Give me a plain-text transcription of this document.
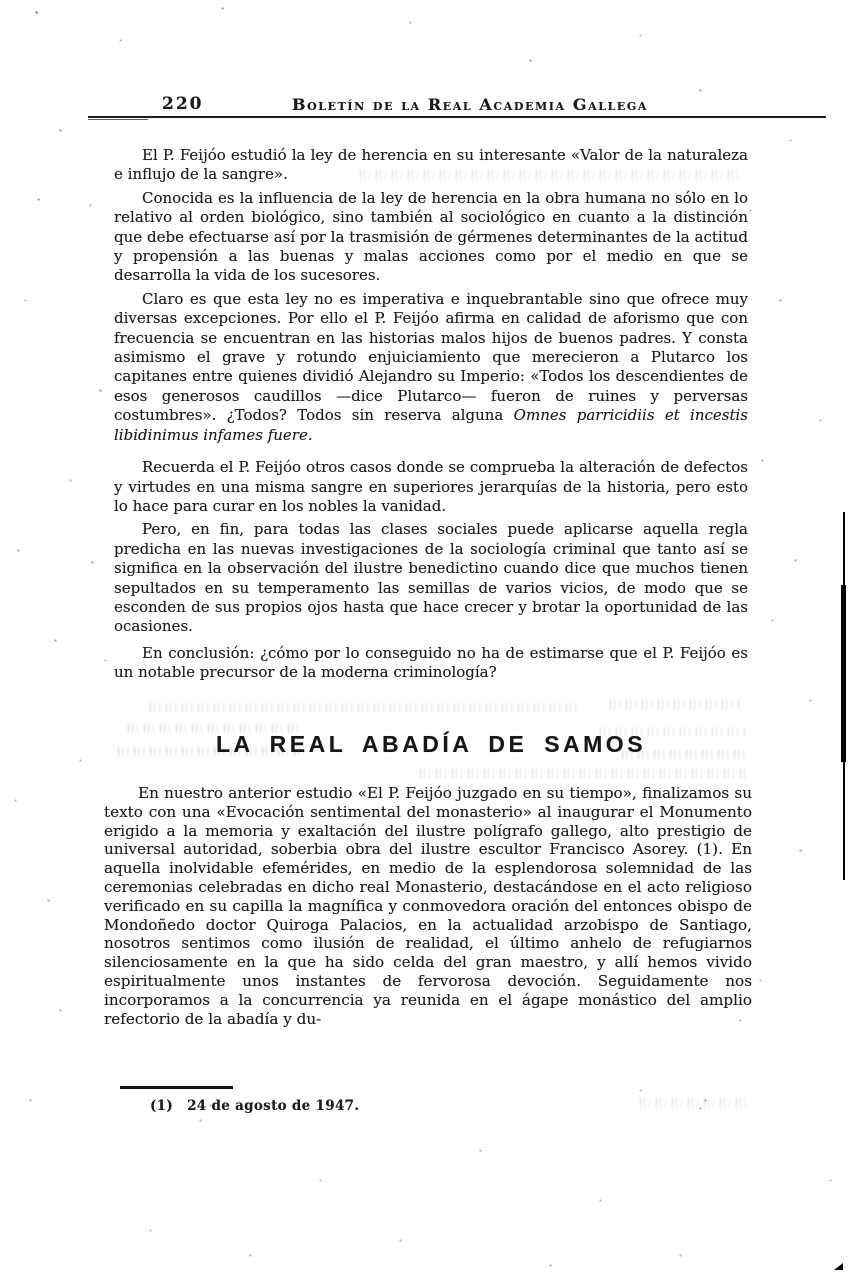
220	Boletín de la Real Academia Gallega

El P. Feijóo estudió la ley de herencia en su interesante «Valor de la naturaleza e influjo de la sangre».

Conocida es la influencia de la ley de herencia en la obra humana no sólo en lo relativo al orden biológico, sino también al sociológico en cuanto a la distinción que debe efectuarse así por la trasmisión de gérmenes determinantes de la actitud y propensión a las buenas y malas acciones como por el medio en que se desarrolla la vida de los sucesores.

Claro es que esta ley no es imperativa e inquebrantable sino que ofrece muy diversas excepciones. Por ello el P. Feijóo afirma en calidad de aforismo que con frecuencia se encuentran en las historias malos hijos de buenos padres. Y consta asimismo el grave y rotundo enjuiciamiento que merecieron a Plutarco los capitanes entre quienes dividió Alejandro su Imperio: «Todos los descendientes de esos generosos caudillos —dice Plutarco— fueron de ruines y perversas costumbres». ¿Todos? Todos sin reserva alguna Omnes parricidiis et incestis libidinimus infames fuere.

Recuerda el P. Feijóo otros casos donde se comprueba la alteración de defectos y virtudes en una misma sangre en superiores jerarquías de la historia, pero esto lo hace para curar en los nobles la vanidad.

Pero, en fin, para todas las clases sociales puede aplicarse aquella regla predicha en las nuevas investigaciones de la sociología criminal que tanto así se significa en la observación del ilustre benedictino cuando dice que muchos tienen sepultados en su temperamento las semillas de varios vicios, de modo que se esconden de sus propios ojos hasta que hace crecer y brotar la oportunidad de las ocasiones.

En conclusión: ¿cómo por lo conseguido no ha de estimarse que el P. Feijóo es un notable precursor de la moderna criminología?

LA REAL ABADÍA DE SAMOS

En nuestro anterior estudio «El P. Feijóo juzgado en su tiempo», finalizamos su texto con una «Evocación sentimental del monasterio» al inaugurar el Monumento erigido a la memoria y exaltación del ilustre polígrafo gallego, alto prestigio de universal autoridad, soberbia obra del ilustre escultor Francisco Asorey. (1). En aquella inolvidable efemérides, en medio de la esplendorosa solemnidad de las ceremonias celebradas en dicho real Monasterio, destacándose en el acto religioso verificado en su capilla la magnífica y conmovedora oración del entonces obispo de Mondoñedo doctor Quiroga Palacios, en la actualidad arzobispo de Santiago, nosotros sentimos como ilusión de realidad, el último anhelo de refugiarnos silenciosamente en la que ha sido celda del gran maestro, y allí hemos vivido espiritualmente unos instantes de fervorosa devoción. Seguidamente nos incorporamos a la concurrencia ya reunida en el ágape monástico del amplio refectorio de la abadía y du-

(1) 24 de agosto de 1947.
